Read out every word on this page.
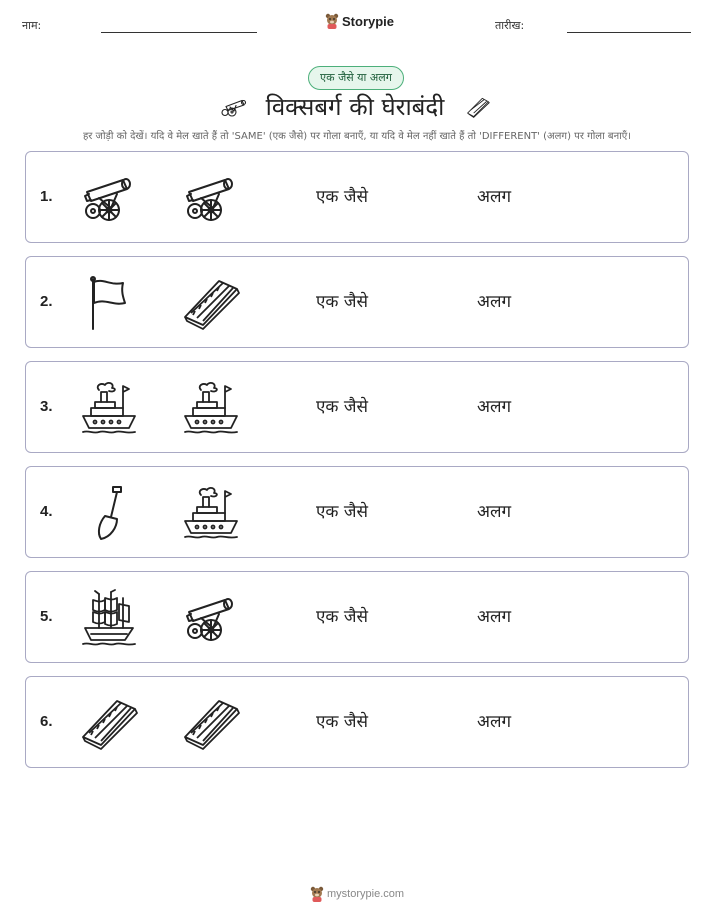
नाम:	Storypie	तारीख:
एक जैसे या अलग
विक्सबर्ग की घेराबंदी
हर जोड़ी को देखें। यदि वे मेल खाते हैं तो 'SAME' (एक जैसे) पर गोला बनाएँ, या यदि वे मेल नहीं खाते हैं तो 'DIFFERENT' (अलग) पर गोला बनाएँ।
1.	एक जैसे	अलग
2.	एक जैसे	अलग
3.	एक जैसे	अलग
4.	एक जैसे	अलग
5.	एक जैसे	अलग
6.	एक जैसे	अलग
mystorypie.com
